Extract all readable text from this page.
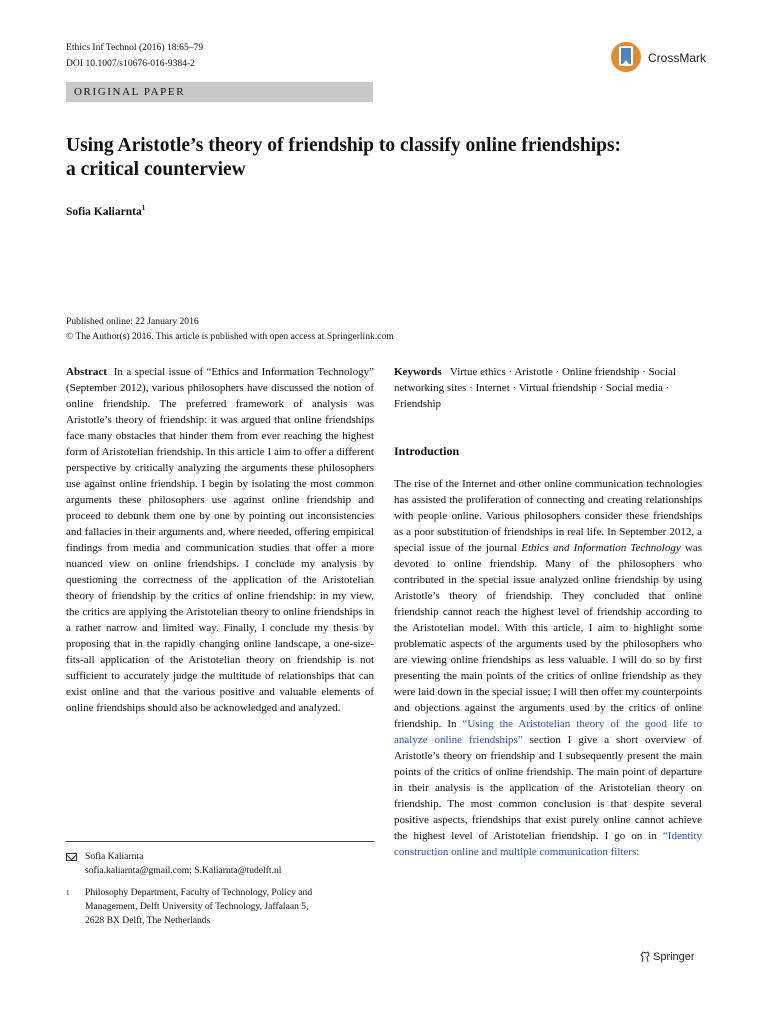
Ethics Inf Technol (2016) 18:65–79
DOI 10.1007/s10676-016-9384-2	CrossMark
ORIGINAL PAPER
Using Aristotle’s theory of friendship to classify online friendships: a critical counterview
Sofia Kaliarnta$^1$
Published online: 22 January 2016
© The Author(s) 2016. This article is published with open access at Springerlink.com
Abstract In a special issue of “Ethics and Information Technology” (September 2012), various philosophers have discussed the notion of online friendship. The preferred framework of analysis was Aristotle’s theory of friendship: it was argued that online friendships face many obstacles that hinder them from ever reaching the highest form of Aristotelian friendship. In this article I aim to offer a different perspective by critically analyzing the arguments these philosophers use against online friendship. I begin by isolating the most common arguments these philosophers use against online friendship and proceed to debunk them one by one by pointing out inconsistencies and fallacies in their arguments and, where needed, offering empirical findings from media and communication studies that offer a more nuanced view on online friendships. I conclude my analysis by questioning the correctness of the application of the Aristotelian theory of friendship by the critics of online friendship: in my view, the critics are applying the Aristotelian theory to online friendships in a rather narrow and limited way. Finally, I conclude my thesis by proposing that in the rapidly changing online landscape, a one-size-fits-all application of the Aristotelian theory on friendship is not sufficient to accurately judge the multitude of relationships that can exist online and that the various positive and valuable elements of online friendships should also be acknowledged and analyzed.
Keywords Virtue ethics · Aristotle · Online friendship · Social networking sites · Internet · Virtual friendship · Social media · Friendship
Introduction
The rise of the Internet and other online communication technologies has assisted the proliferation of connecting and creating relationships with people online. Various philosophers consider these friendships as a poor substitution of friendships in real life. In September 2012, a special issue of the journal Ethics and Information Technology was devoted to online friendship. Many of the philosophers who contributed in the special issue analyzed online friendship by using Aristotle’s theory of friendship. They concluded that online friendship cannot reach the highest level of friendship according to the Aristotelian model. With this article, I aim to highlight some problematic aspects of the arguments used by the philosophers who are viewing online friendships as less valuable. I will do so by first presenting the main points of the critics of online friendship as they were laid down in the special issue; I will then offer my counterpoints and objections against the arguments used by the critics of online friendship. In “Using the Aristotelian theory of the good life to analyze online friendships” section I give a short overview of Aristotle’s theory on friendship and I subsequently present the main points of the critics of online friendship. The main point of departure in their analysis is the application of the Aristotelian theory on friendship. The most common conclusion is that despite several positive aspects, friendships that exist purely online cannot achieve the highest level of Aristotelian friendship. I go on in “Identity construction online and multiple communication filters:
Sofia Kaliarnta
sofia.kaliarnta@gmail.com; S.Kaliarnta@tudelft.nl
1 Philosophy Department, Faculty of Technology, Policy and
Management, Delft University of Technology, Jaffalaan 5,
2628 BX Delft, The Netherlands
Springer
